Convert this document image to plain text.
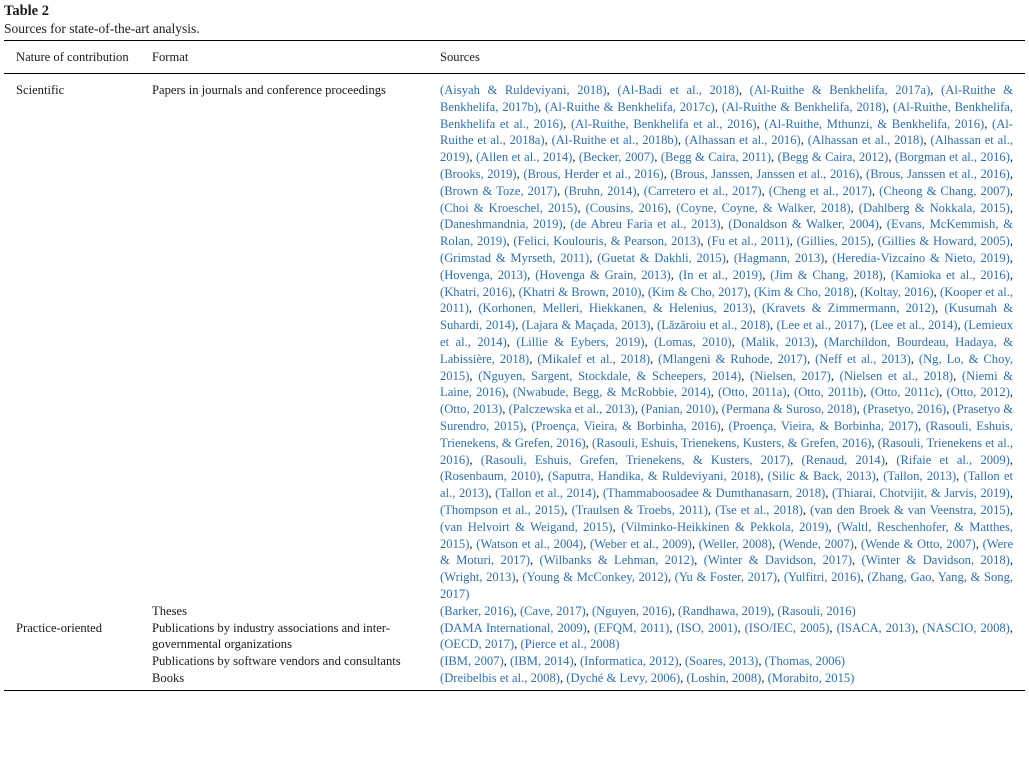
Table 2
Sources for state-of-the-art analysis.
Nature of contribution	Format	Sources
Scientific	Papers in journals and conference proceedings	(Aisyah & Ruldeviyani, 2018), (Al-Badi et al., 2018), (Al-Ruithe & Benkhelifa, 2017a), (Al-Ruithe & Benkhelifa, 2017b), (Al-Ruithe & Benkhelifa, 2017c), (Al-Ruithe & Benkhelifa, 2018), (Al-Ruithe, Benkhelifa, Benkhelifa et al., 2016), (Al-Ruithe, Benkhelifa et al., 2016), (Al-Ruithe, Mthunzi, & Benkhelifa, 2016), (Al-Ruithe et al., 2018a), (Al-Ruithe et al., 2018b), (Alhassan et al., 2016), (Alhassan et al., 2018), (Alhassan et al., 2019), (Allen et al., 2014), (Becker, 2007), (Begg & Caira, 2011), (Begg & Caira, 2012), (Borgman et al., 2016), (Brooks, 2019), (Brous, Herder et al., 2016), (Brous, Janssen, Janssen et al., 2016), (Brous, Janssen et al., 2016), (Brown & Toze, 2017), (Bruhn, 2014), (Carretero et al., 2017), (Cheng et al., 2017), (Cheong & Chang, 2007), (Choi & Kroeschel, 2015), (Cousins, 2016), (Coyne, Coyne, & Walker, 2018), (Dahlberg & Nokkala, 2015), (Daneshmandnia, 2019), (de Abreu Faria et al., 2013), (Donaldson & Walker, 2004), (Evans, McKemmish, & Rolan, 2019), (Felici, Koulouris, & Pearson, 2013), (Fu et al., 2011), (Gillies, 2015), (Gillies & Howard, 2005), (Grimstad & Myrseth, 2011), (Guetat & Dakhli, 2015), (Hagmann, 2013), (Heredia-Vizcaíno & Nieto, 2019), (Hovenga, 2013), (Hovenga & Grain, 2013), (In et al., 2019), (Jim & Chang, 2018), (Kamioka et al., 2016), (Khatri, 2016), (Khatri & Brown, 2010), (Kim & Cho, 2017), (Kim & Cho, 2018), (Koltay, 2016), (Kooper et al., 2011), (Korhonen, Melleri, Hiekkanen, & Helenius, 2013), (Kravets & Zimmermann, 2012), (Kusumah & Suhardi, 2014), (Lajara & Maçada, 2013), (Lăzăroiu et al., 2018), (Lee et al., 2017), (Lee et al., 2014), (Lemieux et al., 2014), (Lillie & Eybers, 2019), (Lomas, 2010), (Malik, 2013), (Marchildon, Bourdeau, Hadaya, & Labissière, 2018), (Mikalef et al., 2018), (Mlangeni & Ruhode, 2017), (Neff et al., 2013), (Ng, Lo, & Choy, 2015), (Nguyen, Sargent, Stockdale, & Scheepers, 2014), (Nielsen, 2017), (Nielsen et al., 2018), (Niemi & Laine, 2016), (Nwabude, Begg, & McRobbie, 2014), (Otto, 2011a), (Otto, 2011b), (Otto, 2011c), (Otto, 2012), (Otto, 2013), (Palczewska et al., 2013), (Panian, 2010), (Permana & Suroso, 2018), (Prasetyo, 2016), (Prasetyo & Surendro, 2015), (Proença, Vieira, & Borbinha, 2016), (Proença, Vieira, & Borbinha, 2017), (Rasouli, Eshuis, Trienekens, & Grefen, 2016), (Rasouli, Eshuis, Trienekens, Kusters, & Grefen, 2016), (Rasouli, Trienekens et al., 2016), (Rasouli, Eshuis, Grefen, Trienekens, & Kusters, 2017), (Renaud, 2014), (Rifaie et al., 2009), (Rosenbaum, 2010), (Saputra, Handika, & Ruldeviyani, 2018), (Silic & Back, 2013), (Tallon, 2013), (Tallon et al., 2013), (Tallon et al., 2014), (Thammaboosadee & Dumthanasarn, 2018), (Thiarai, Chotvijit, & Jarvis, 2019), (Thompson et al., 2015), (Traulsen & Troebs, 2011), (Tse et al., 2018), (van den Broek & van Veenstra, 2015), (van Helvoirt & Weigand, 2015), (Vilminko-Heikkinen & Pekkola, 2019), (Waltl, Reschenhofer, & Matthes, 2015), (Watson et al., 2004), (Weber et al., 2009), (Weller, 2008), (Wende, 2007), (Wende & Otto, 2007), (Were & Moturi, 2017), (Wilbanks & Lehman, 2012), (Winter & Davidson, 2017), (Winter & Davidson, 2018), (Wright, 2013), (Young & McConkey, 2012), (Yu & Foster, 2017), (Yulfitri, 2016), (Zhang, Gao, Yang, & Song, 2017)
	Theses	(Barker, 2016), (Cave, 2017), (Nguyen, 2016), (Randhawa, 2019), (Rasouli, 2016)
Practice-oriented	Publications by industry associations and inter-governmental organizations	(DAMA International, 2009), (EFQM, 2011), (ISO, 2001), (ISO/IEC, 2005), (ISACA, 2013), (NASCIO, 2008), (OECD, 2017), (Pierce et al., 2008)
	Publications by software vendors and consultants	(IBM, 2007), (IBM, 2014), (Informatica, 2012), (Soares, 2013), (Thomas, 2006)
	Books	(Dreibelbis et al., 2008), (Dyché & Levy, 2006), (Loshin, 2008), (Morabito, 2015)
